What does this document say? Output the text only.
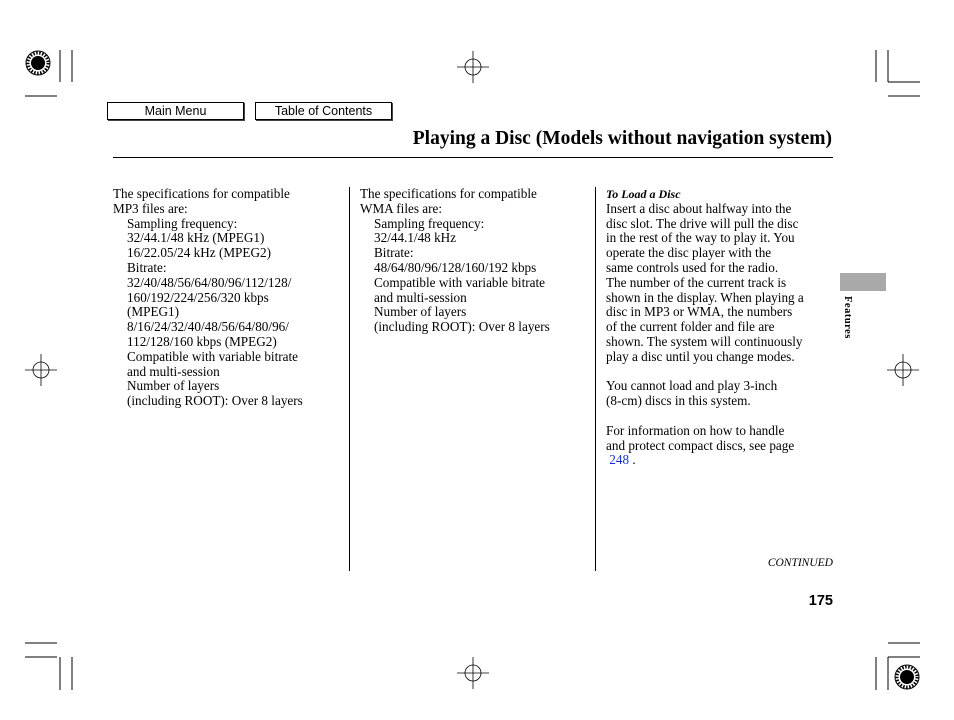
Main Menu	Table of Contents
Playing a Disc (Models without navigation system)
Features

The specifications for compatible

MP3 files are:

Sampling frequency:

32/44.1/48 kHz (MPEG1)

16/22.05/24 kHz (MPEG2)

Bitrate:

32/40/48/56/64/80/96/112/128/

160/192/224/256/320 kbps

(MPEG1)

8/16/24/32/40/48/56/64/80/96/

112/128/160 kbps (MPEG2)

Compatible with variable bitrate

and multi-session

Number of layers

(including ROOT): Over 8 layers

The specifications for compatible

WMA files are:

Sampling frequency:

32/44.1/48 kHz

Bitrate:

48/64/80/96/128/160/192 kbps

Compatible with variable bitrate

and multi-session

Number of layers

(including ROOT): Over 8 layers

To Load a Disc

Insert a disc about halfway into the

disc slot. The drive will pull the disc

in the rest of the way to play it. You

operate the disc player with the

same controls used for the radio.

The number of the current track is

shown in the display. When playing a

disc in MP3 or WMA, the numbers

of the current folder and file are

shown. The system will continuously

play a disc until you change modes.

You cannot load and play 3-inch

(8-cm) discs in this system.

For information on how to handle

and protect compact discs, see page

248 .

CONTINUED
175
